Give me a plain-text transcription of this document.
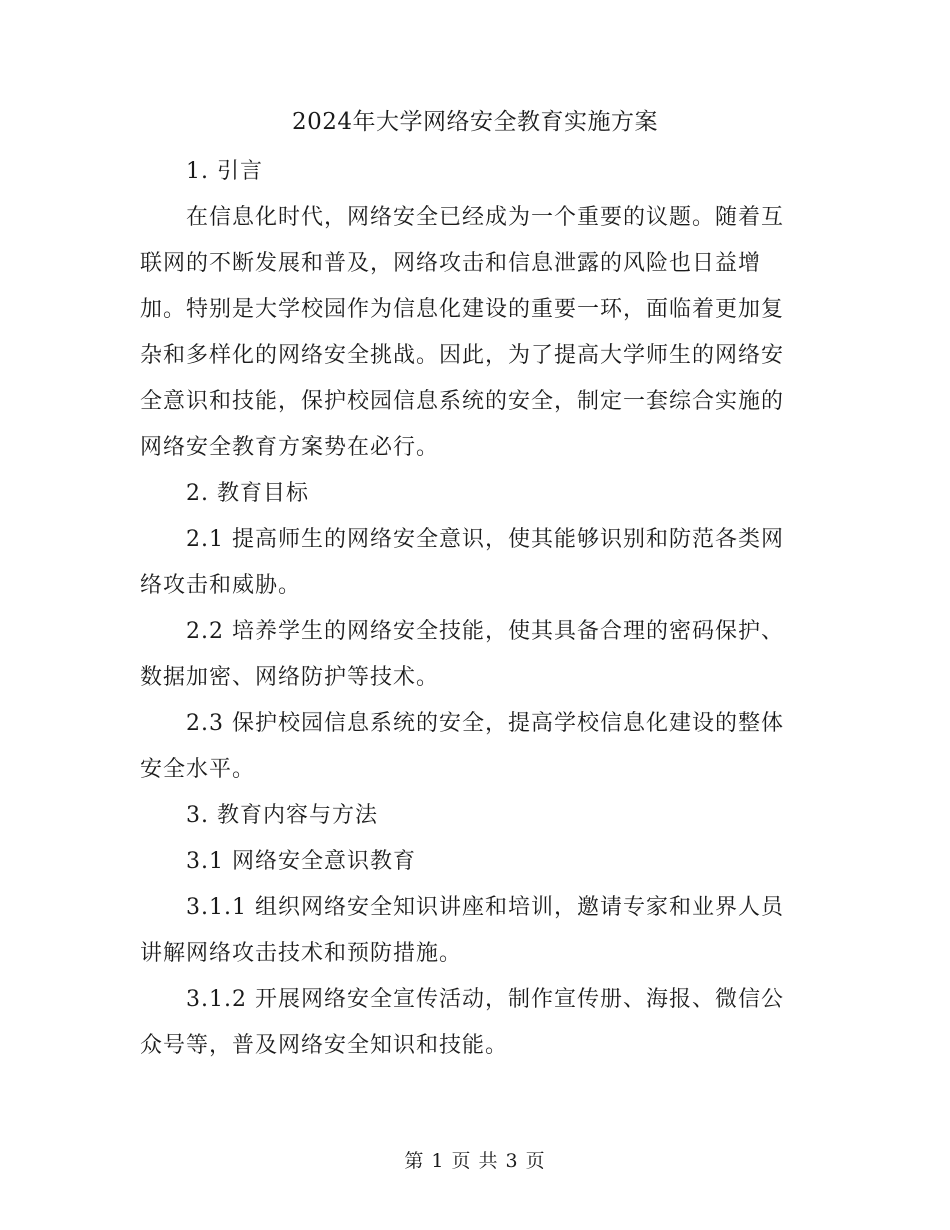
2024年大学网络安全教育实施方案

1. 引言

在信息化时代，网络安全已经成为一个重要的议题。随着互联网的不断发展和普及，网络攻击和信息泄露的风险也日益增加。特别是大学校园作为信息化建设的重要一环，面临着更加复杂和多样化的网络安全挑战。因此，为了提高大学师生的网络安全意识和技能，保护校园信息系统的安全，制定一套综合实施的网络安全教育方案势在必行。

2. 教育目标

2.1 提高师生的网络安全意识，使其能够识别和防范各类网络攻击和威胁。

2.2 培养学生的网络安全技能，使其具备合理的密码保护、数据加密、网络防护等技术。

2.3 保护校园信息系统的安全，提高学校信息化建设的整体安全水平。

3. 教育内容与方法

3.1 网络安全意识教育

3.1.1 组织网络安全知识讲座和培训，邀请专家和业界人员讲解网络攻击技术和预防措施。

3.1.2 开展网络安全宣传活动，制作宣传册、海报、微信公众号等，普及网络安全知识和技能。

第 1 页 共 3 页
